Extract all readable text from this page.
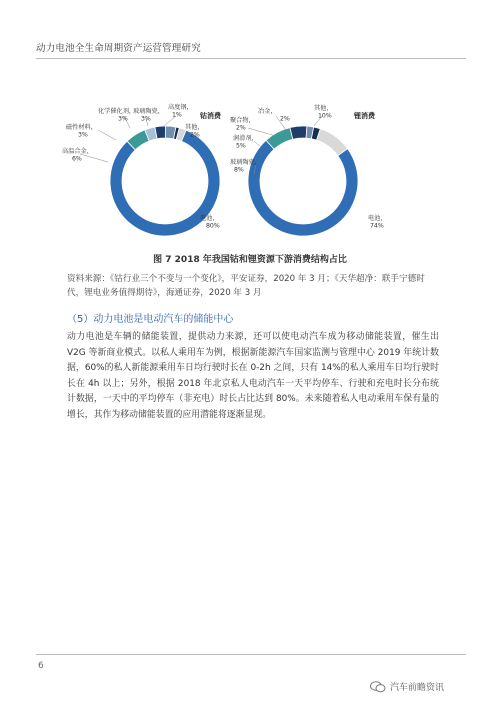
动力电池全生命周期资产运营管理研究
钴消费
电池，
80%
高温合金，
6%
磁性材料，
3%
化学催化剂，
3%
玻璃陶瓷，
3%
高度钢，
1%
其他，
2%
锂消费
电池，
74%
玻璃陶瓷，
8%
润滑剂，
5%
聚合物，
2%
冶金，
2%
其他，
10%
图 7 2018 年我国钴和锂资源下游消费结构占比
资料来源：《钴行业三个不变与一个变化》，平安证券，2020 年 3 月；《天华超净：联手宁德时代，锂电业务值得期待》，海通证券，2020 年 3 月
（5）动力电池是电动汽车的储能中心
动力电池是车辆的储能装置，提供动力来源，还可以使电动汽车成为移动储能装置，催生出 V2G 等新商业模式。以私人乘用车为例，根据新能源汽车国家监测与管理中心 2019 年统计数据，60%的私人新能源乘用车日均行驶时长在 0-2h 之间，只有 14%的私人乘用车日均行驶时长在 4h 以上；另外，根据 2018 年北京私人电动汽车一天平均停车、行驶和充电时长分布统计数据，一天中的平均停车（非充电）时长占比达到 80%。未来随着私人电动乘用车保有量的增长，其作为移动储能装置的应用潜能将逐渐显现。
6
汽车前瞻资讯
